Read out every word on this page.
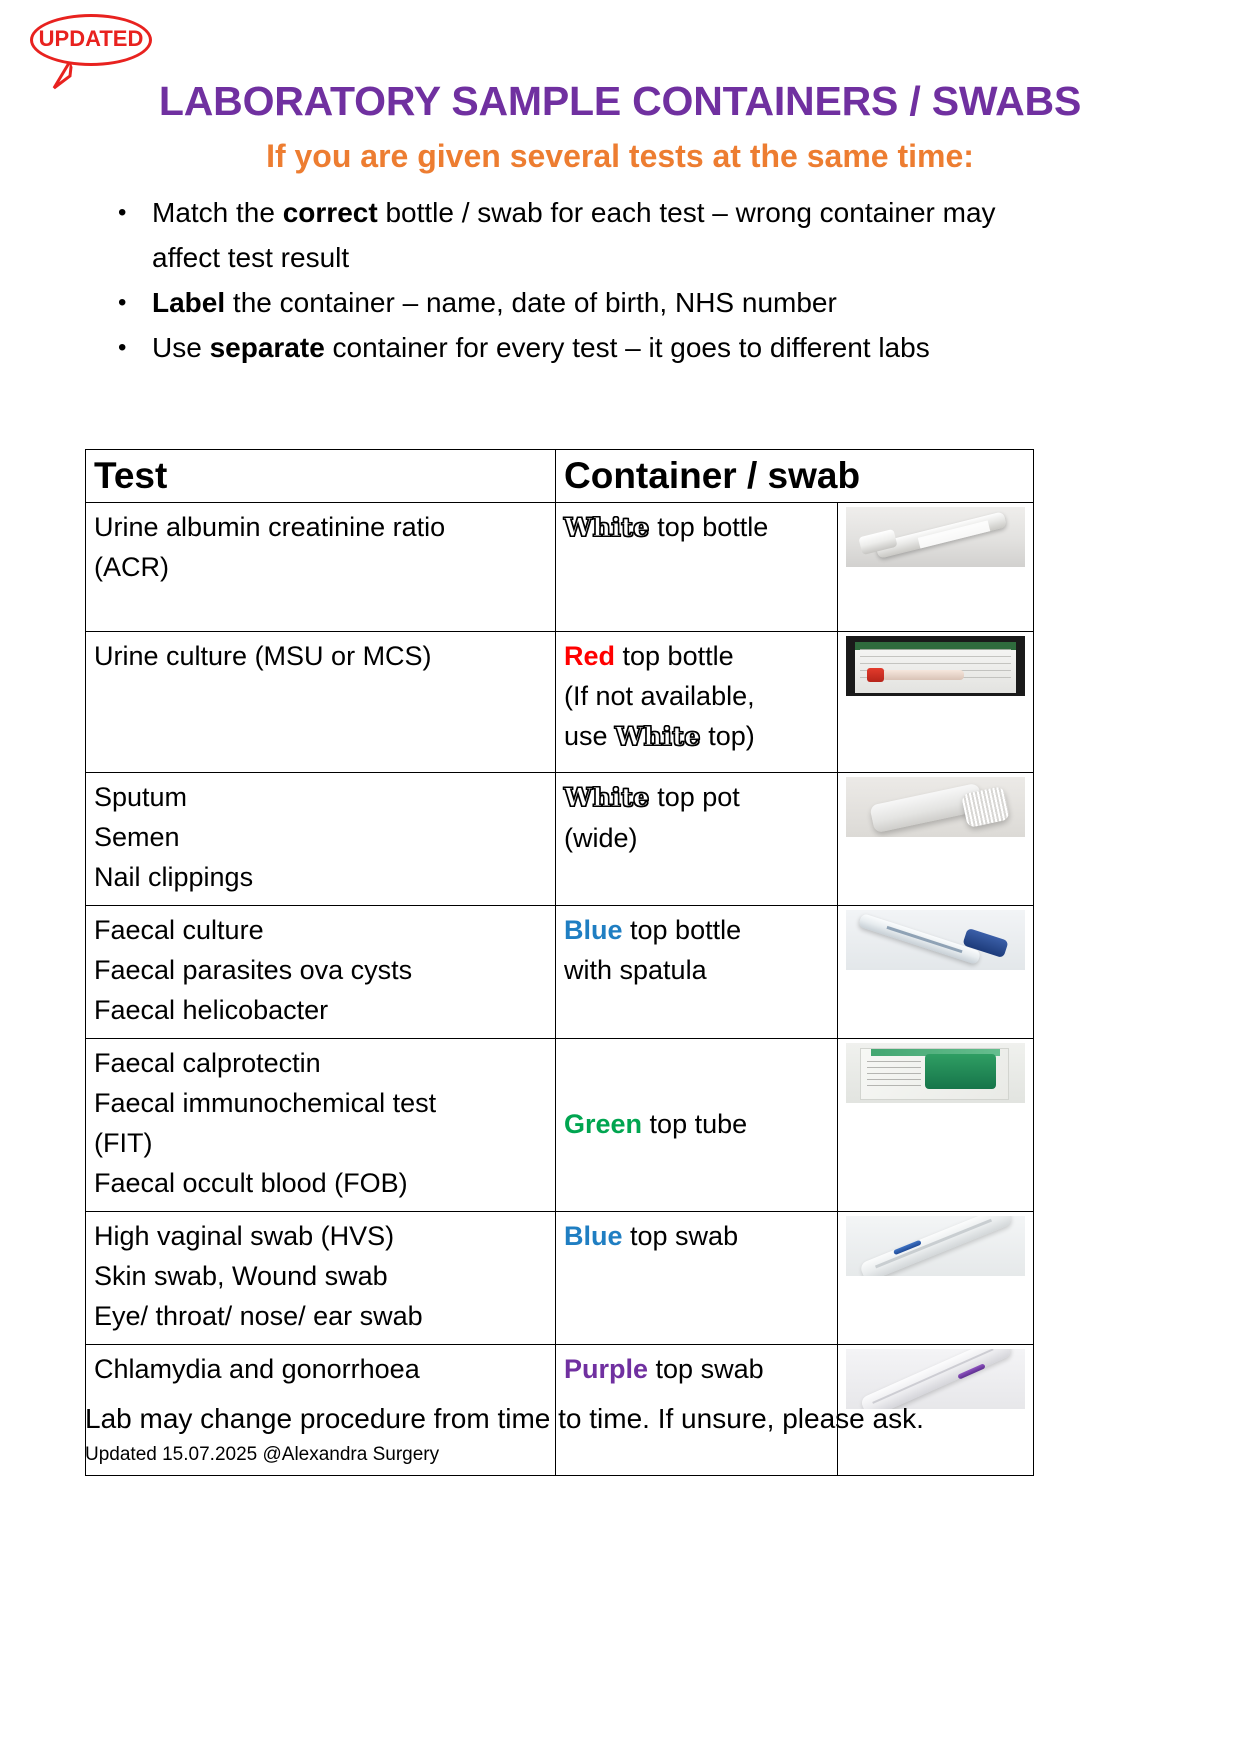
UPDATED
LABORATORY SAMPLE CONTAINERS / SWABS
If you are given several tests at the same time:
• Match the correct bottle / swab for each test – wrong container may affect test result
• Label the container – name, date of birth, NHS number
• Use separate container for every test – it goes to different labs
Test	Container / swab	

Urine albumin creatinine ratio
(ACR)	White top bottle	

Urine culture (MSU or MCS)	Red top bottle
(If not available,
use White top)	

Sputum
Semen
Nail clippings	White top pot
(wide)	

Faecal culture
Faecal parasites ova cysts
Faecal helicobacter	Blue top bottle
with spatula	

Faecal calprotectin
Faecal immunochemical test
(FIT)
Faecal occult blood (FOB)	Green top tube	

High vaginal swab (HVS)
Skin swab, Wound swab
Eye/ throat/ nose/ ear swab	Blue top swab	

Chlamydia and gonorrhoea	Purple top swab	

Lab may change procedure from time to time. If unsure, please ask.
Updated 15.07.2025 @Alexandra Surgery
